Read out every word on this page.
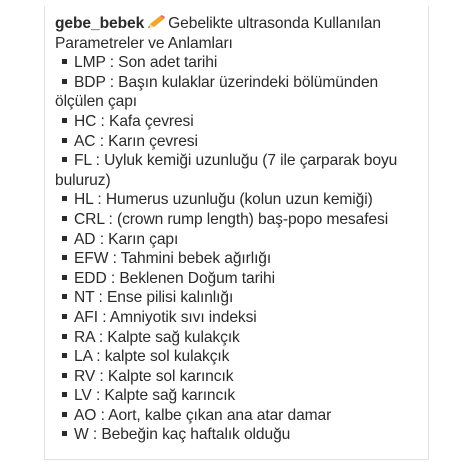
gebe_bebek Gebelikte ultrasonda Kullanılan Parametreler ve Anlamları

LMP : Son adet tarihi
BDP : Başın kulaklar üzerindeki bölümünden ölçülen çapı
HC : Kafa çevresi
AC : Karın çevresi
FL : Uyluk kemiği uzunluğu (7 ile çarparak boyu buluruz)
HL : Humerus uzunluğu (kolun uzun kemiği)
CRL : (crown rump length) baş-popo mesafesi
AD : Karın çapı
EFW : Tahmini bebek ağırlığı
EDD : Beklenen Doğum tarihi
NT : Ense pilisi kalınlığı
AFI : Amniyotik sıvı indeksi
RA : Kalpte sağ kulakçık
LA : kalpte sol kulakçık
RV : Kalpte sol karıncık
LV : Kalpte sağ karıncık
AO : Aort, kalbe çıkan ana atar damar
W : Bebeğin kaç haftalık olduğu
